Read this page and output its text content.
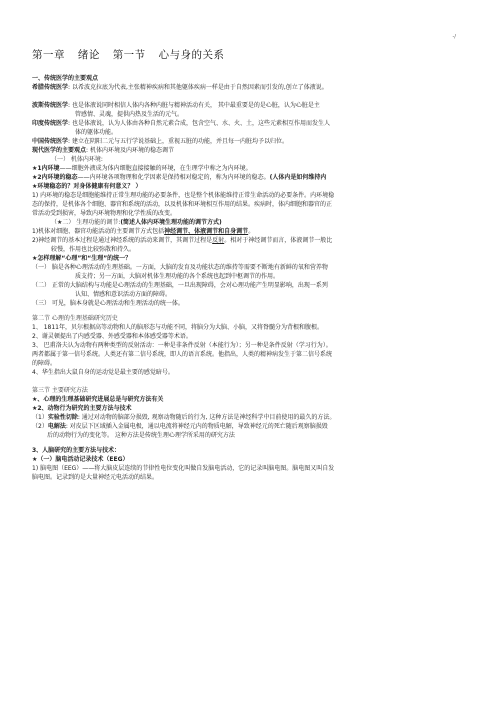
-/
第一章 绪论 第一节 心与身的关系

一、传统医学的主要观点

希腊传统医学: 以希波克拉底为代表,主张精神疾病和其他躯体疾病一样是由于自然因素而引发的,创立了体液说。

波斯传统医学: 也是体液说同时相信人体内各种内脏与精神活动有关， 其中最重要是的是心脏，认为心脏是主

管感情、灵魂，提供内热及生活的元气。

印度传统医学: 也是体液说，认为人体由各种自然元素合成，包含空气、水、火、土，这些元素相互作用而发生人

体的躯体功能。

中国传统医学: 建立在阴阳二元与五行学说基础上，重视五脏的功能，并且每一内脏均予以归位。

现代医学的主要观点: 机体内环境及内环境的稳态调节

（一） 机体内环境:

★1内环境——细胞外液成为体内细胞直接接触的环境，在生理学中称之为内环境。

★2内环境的稳态——内环境各项物理和化学因素是保持相对稳定的，称为内环境的稳态。(人体内是如何维持内

★环境稳态的？对身体健康有何意义？ ）

1) 内环境的稳态是细胞能维持正常生理功能的必要条件，也是整个机体能维持正常生命活动的必要条件。内环境稳

态的保持，是机体各个细胞、器官和系统的活动，以及机体和环境相互作用的结果。疾病时，体内细胞和器官的正

常活动受到损害，导致内环境物理和化学性质的改变。

（★二） 生理功能的调节:(简述人体内环境生理功能的调节方式)

1)机体对细胞、器官功能活动的主要调节方式包括神经调节、体液调节和自身调节。

2)神经调节的基本过程是通过神经系统的活动来调节，其调节过程是反射。相对于神经调节而言，体液调节一般比

较慢，作用也比较弥散和持久。

★怎样理解“心理”和“生理”的统一？

（一） 脑是各种心理活动的生理基础。一方面，大脑的发育及功能状态的维持等需要不断地有新鲜的氧和营养物

质支持；另一方面，大脑对机体生理功能的各个系统也起到中枢调节的作用。

（二） 正常的大脑结构与功能是心理活动的生理基础，一旦出现障碍，会对心理功能产生明显影响，出现一系列

认知、情感和意识活动方面的障碍。

（三） 可见，脑本身就是心理活动和生理活动的统一体。

第二节 心理的生理基础研究历史

1、 1811年，贝尔根据高等动物和人的脑形态与功能不同，将脑分为大脑、小脑，又将脊髓分为背根和腹根。

2、谢灵顿提出了内感受器、外感受器和本体感受器等术语。

3、 巴甫洛夫认为动物有两种类型的反射活动：一种是非条件反射（本能行为）；另一种是条件反射（学习行为）。

两者都属于第一信号系统。人类还有第二信号系统，即人的语言系统。他指出，人类的精神病发生于第二信号系统

的障碍。

4、华生指出大鼠自身的运动觉是最主要的感觉暗号。

第三节 主要研究方法

★、心理的生理基础研究进展总是与研究方法有关

★2、动物行为研究的主要方法与技术

（1）实验性切除: 通过对动物的脑部分损毁, 观察动物随后的行为, 这种方法是神经科学中目前使用的最久的方法。

（2）电解法: 对皮层下区域插入金属电极，通以电流将神经元内的物质电解，导致神经元的死亡随后观察脑损毁

后的动物行为的变化等。 这种方法是传统生理心理学所采用的研究方法

3、人脑研究的主要方法与技术：

★（一）脑电活动记录技术（EEG）

1) 脑电图（EEG）——将大脑皮层连续的节律性电位变化叫做自发脑电活动，它的记录叫脑电图。脑电图又叫自发

脑电图。记录到的是大量神经元电活动的结果。
